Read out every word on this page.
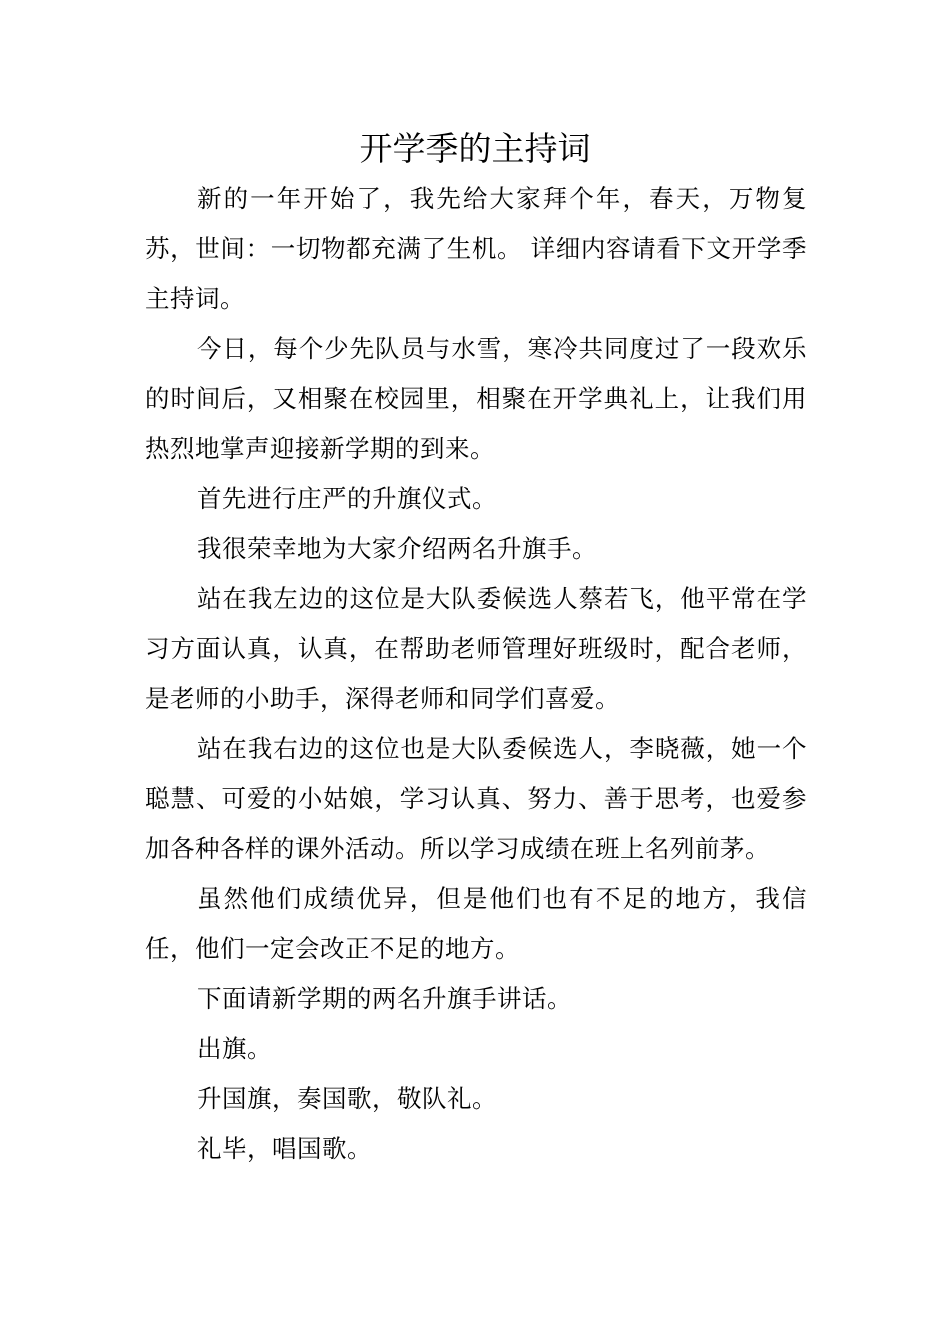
开学季的主持词

新的一年开始了，我先给大家拜个年，春天，万物复苏，世间：一切物都充满了生机。 详细内容请看下文开学季主持词。

今日，每个少先队员与水雪，寒冷共同度过了一段欢乐的时间后，又相聚在校园里，相聚在开学典礼上，让我们用热烈地掌声迎接新学期的到来。

首先进行庄严的升旗仪式。

我很荣幸地为大家介绍两名升旗手。

站在我左边的这位是大队委候选人蔡若飞，他平常在学习方面认真，认真，在帮助老师管理好班级时，配合老师，是老师的小助手，深得老师和同学们喜爱。

站在我右边的这位也是大队委候选人，李晓薇，她一个聪慧、可爱的小姑娘，学习认真、努力、善于思考，也爱参加各种各样的课外活动。所以学习成绩在班上名列前茅。

虽然他们成绩优异，但是他们也有不足的地方，我信任，他们一定会改正不足的地方。

下面请新学期的两名升旗手讲话。

出旗。

升国旗，奏国歌，敬队礼。

礼毕，唱国歌。
